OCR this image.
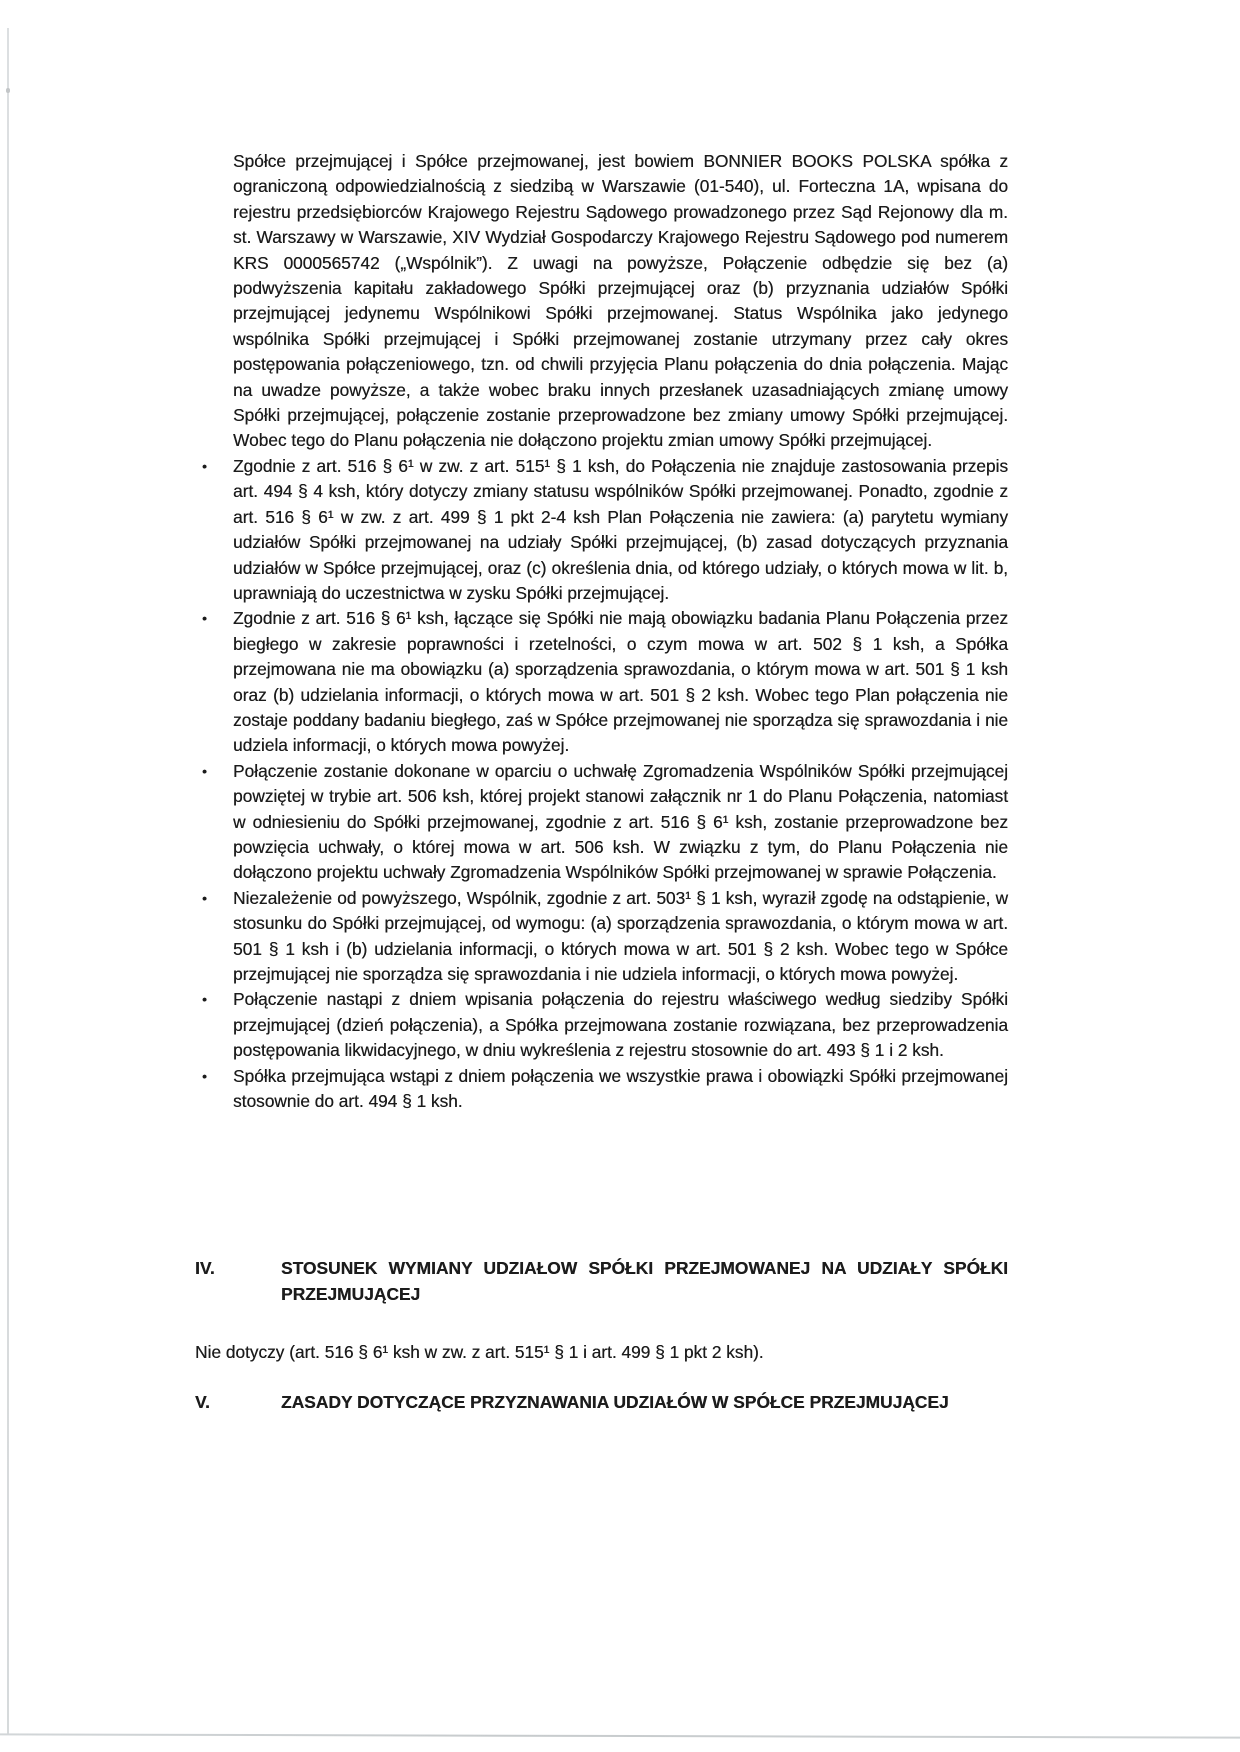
Spółce przejmującej i Spółce przejmowanej, jest bowiem BONNIER BOOKS POLSKA spółka z ograniczoną odpowiedzialnością z siedzibą w Warszawie (01-540), ul. Forteczna 1A, wpisana do rejestru przedsiębiorców Krajowego Rejestru Sądowego prowadzonego przez Sąd Rejonowy dla m. st. Warszawy w Warszawie, XIV Wydział Gospodarczy Krajowego Rejestru Sądowego pod numerem KRS 0000565742 („Wspólnik”). Z uwagi na powyższe, Połączenie odbędzie się bez (a) podwyższenia kapitału zakładowego Spółki przejmującej oraz (b) przyznania udziałów Spółki przejmującej jedynemu Wspólnikowi Spółki przejmowanej. Status Wspólnika jako jedynego wspólnika Spółki przejmującej i Spółki przejmowanej zostanie utrzymany przez cały okres postępowania połączeniowego, tzn. od chwili przyjęcia Planu połączenia do dnia połączenia. Mając na uwadze powyższe, a także wobec braku innych przesłanek uzasadniających zmianę umowy Spółki przejmującej, połączenie zostanie przeprowadzone bez zmiany umowy Spółki przejmującej. Wobec tego do Planu połączenia nie dołączono projektu zmian umowy Spółki przejmującej.

•	Zgodnie z art. 516 § 6¹ w zw. z art. 515¹ § 1 ksh, do Połączenia nie znajduje zastosowania przepis art. 494 § 4 ksh, który dotyczy zmiany statusu wspólników Spółki przejmowanej. Ponadto, zgodnie z art. 516 § 6¹ w zw. z art. 499 § 1 pkt 2-4 ksh Plan Połączenia nie zawiera: (a) parytetu wymiany udziałów Spółki przejmowanej na udziały Spółki przejmującej, (b) zasad dotyczących przyznania udziałów w Spółce przejmującej, oraz (c) określenia dnia, od którego udziały, o których mowa w lit. b, uprawniają do uczestnictwa w zysku Spółki przejmującej.
•	Zgodnie z art. 516 § 6¹ ksh, łączące się Spółki nie mają obowiązku badania Planu Połączenia przez biegłego w zakresie poprawności i rzetelności, o czym mowa w art. 502 § 1 ksh, a Spółka przejmowana nie ma obowiązku (a) sporządzenia sprawozdania, o którym mowa w art. 501 § 1 ksh oraz (b) udzielania informacji, o których mowa w art. 501 § 2 ksh. Wobec tego Plan połączenia nie zostaje poddany badaniu biegłego, zaś w Spółce przejmowanej nie sporządza się sprawozdania i nie udziela informacji, o których mowa powyżej.
•	Połączenie zostanie dokonane w oparciu o uchwałę Zgromadzenia Wspólników Spółki przejmującej powziętej w trybie art. 506 ksh, której projekt stanowi załącznik nr 1 do Planu Połączenia, natomiast w odniesieniu do Spółki przejmowanej, zgodnie z art. 516 § 6¹ ksh, zostanie przeprowadzone bez powzięcia uchwały, o której mowa w art. 506 ksh. W związku z tym, do Planu Połączenia nie dołączono projektu uchwały Zgromadzenia Wspólników Spółki przejmowanej w sprawie Połączenia.
•	Niezależenie od powyższego, Wspólnik, zgodnie z art. 503¹ § 1 ksh, wyraził zgodę na odstąpienie, w stosunku do Spółki przejmującej, od wymogu: (a) sporządzenia sprawozdania, o którym mowa w art. 501 § 1 ksh i (b) udzielania informacji, o których mowa w art. 501 § 2 ksh. Wobec tego w Spółce przejmującej nie sporządza się sprawozdania i nie udziela informacji, o których mowa powyżej.
•	Połączenie nastąpi z dniem wpisania połączenia do rejestru właściwego według siedziby Spółki przejmującej (dzień połączenia), a Spółka przejmowana zostanie rozwiązana, bez przeprowadzenia postępowania likwidacyjnego, w dniu wykreślenia z rejestru stosownie do art. 493 § 1 i 2 ksh.
•	Spółka przejmująca wstąpi z dniem połączenia we wszystkie prawa i obowiązki Spółki przejmowanej stosownie do art. 494 § 1 ksh.
IV.	STOSUNEK WYMIANY UDZIAŁOW SPÓŁKI PRZEJMOWANEJ NA UDZIAŁY SPÓŁKI PRZEJMUJĄCEJ

Nie dotyczy (art. 516 § 6¹ ksh w zw. z art. 515¹ § 1 i art. 499 § 1 pkt 2 ksh).

V.	ZASADY DOTYCZĄCE PRZYZNAWANIA UDZIAŁÓW W SPÓŁCE PRZEJMUJĄCEJ
